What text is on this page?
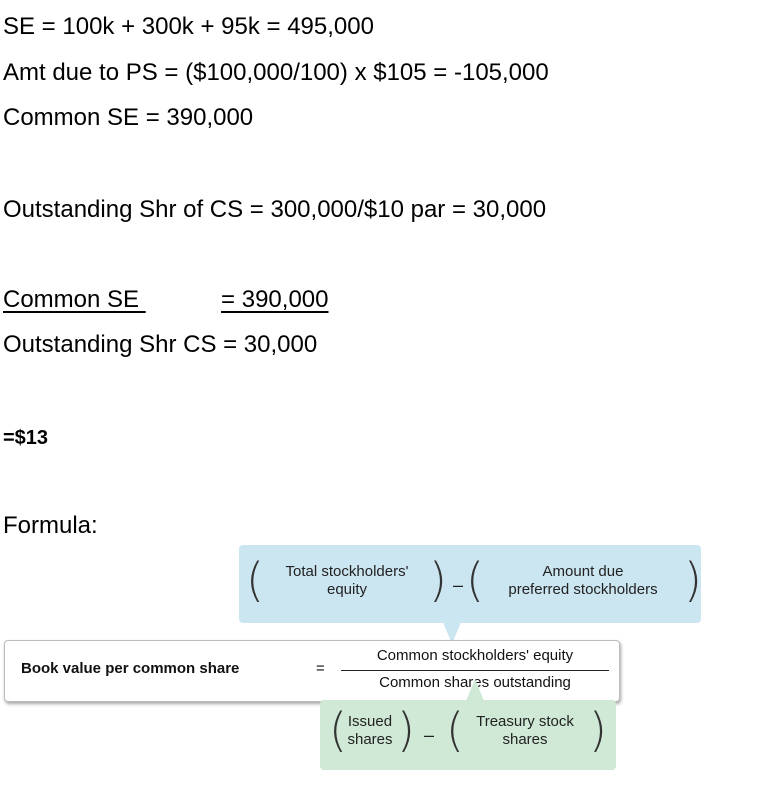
SE = 100k + 300k + 95k = 495,000
Amt due to PS = ($100,000/100) x $105 = -105,000
Common SE = 390,000
Outstanding Shr of CS = 300,000/$10 par = 30,000
Common SE	= 390,000
Outstanding Shr CS = 30,000
=$13
Formula:
(	Total stockholders'
equity	) – (	Amount due
preferred stockholders )
Book value per common share	=
Common stockholders' equity
Common shares outstanding
( Issued
shares ) – ( Treasury stock
shares )
